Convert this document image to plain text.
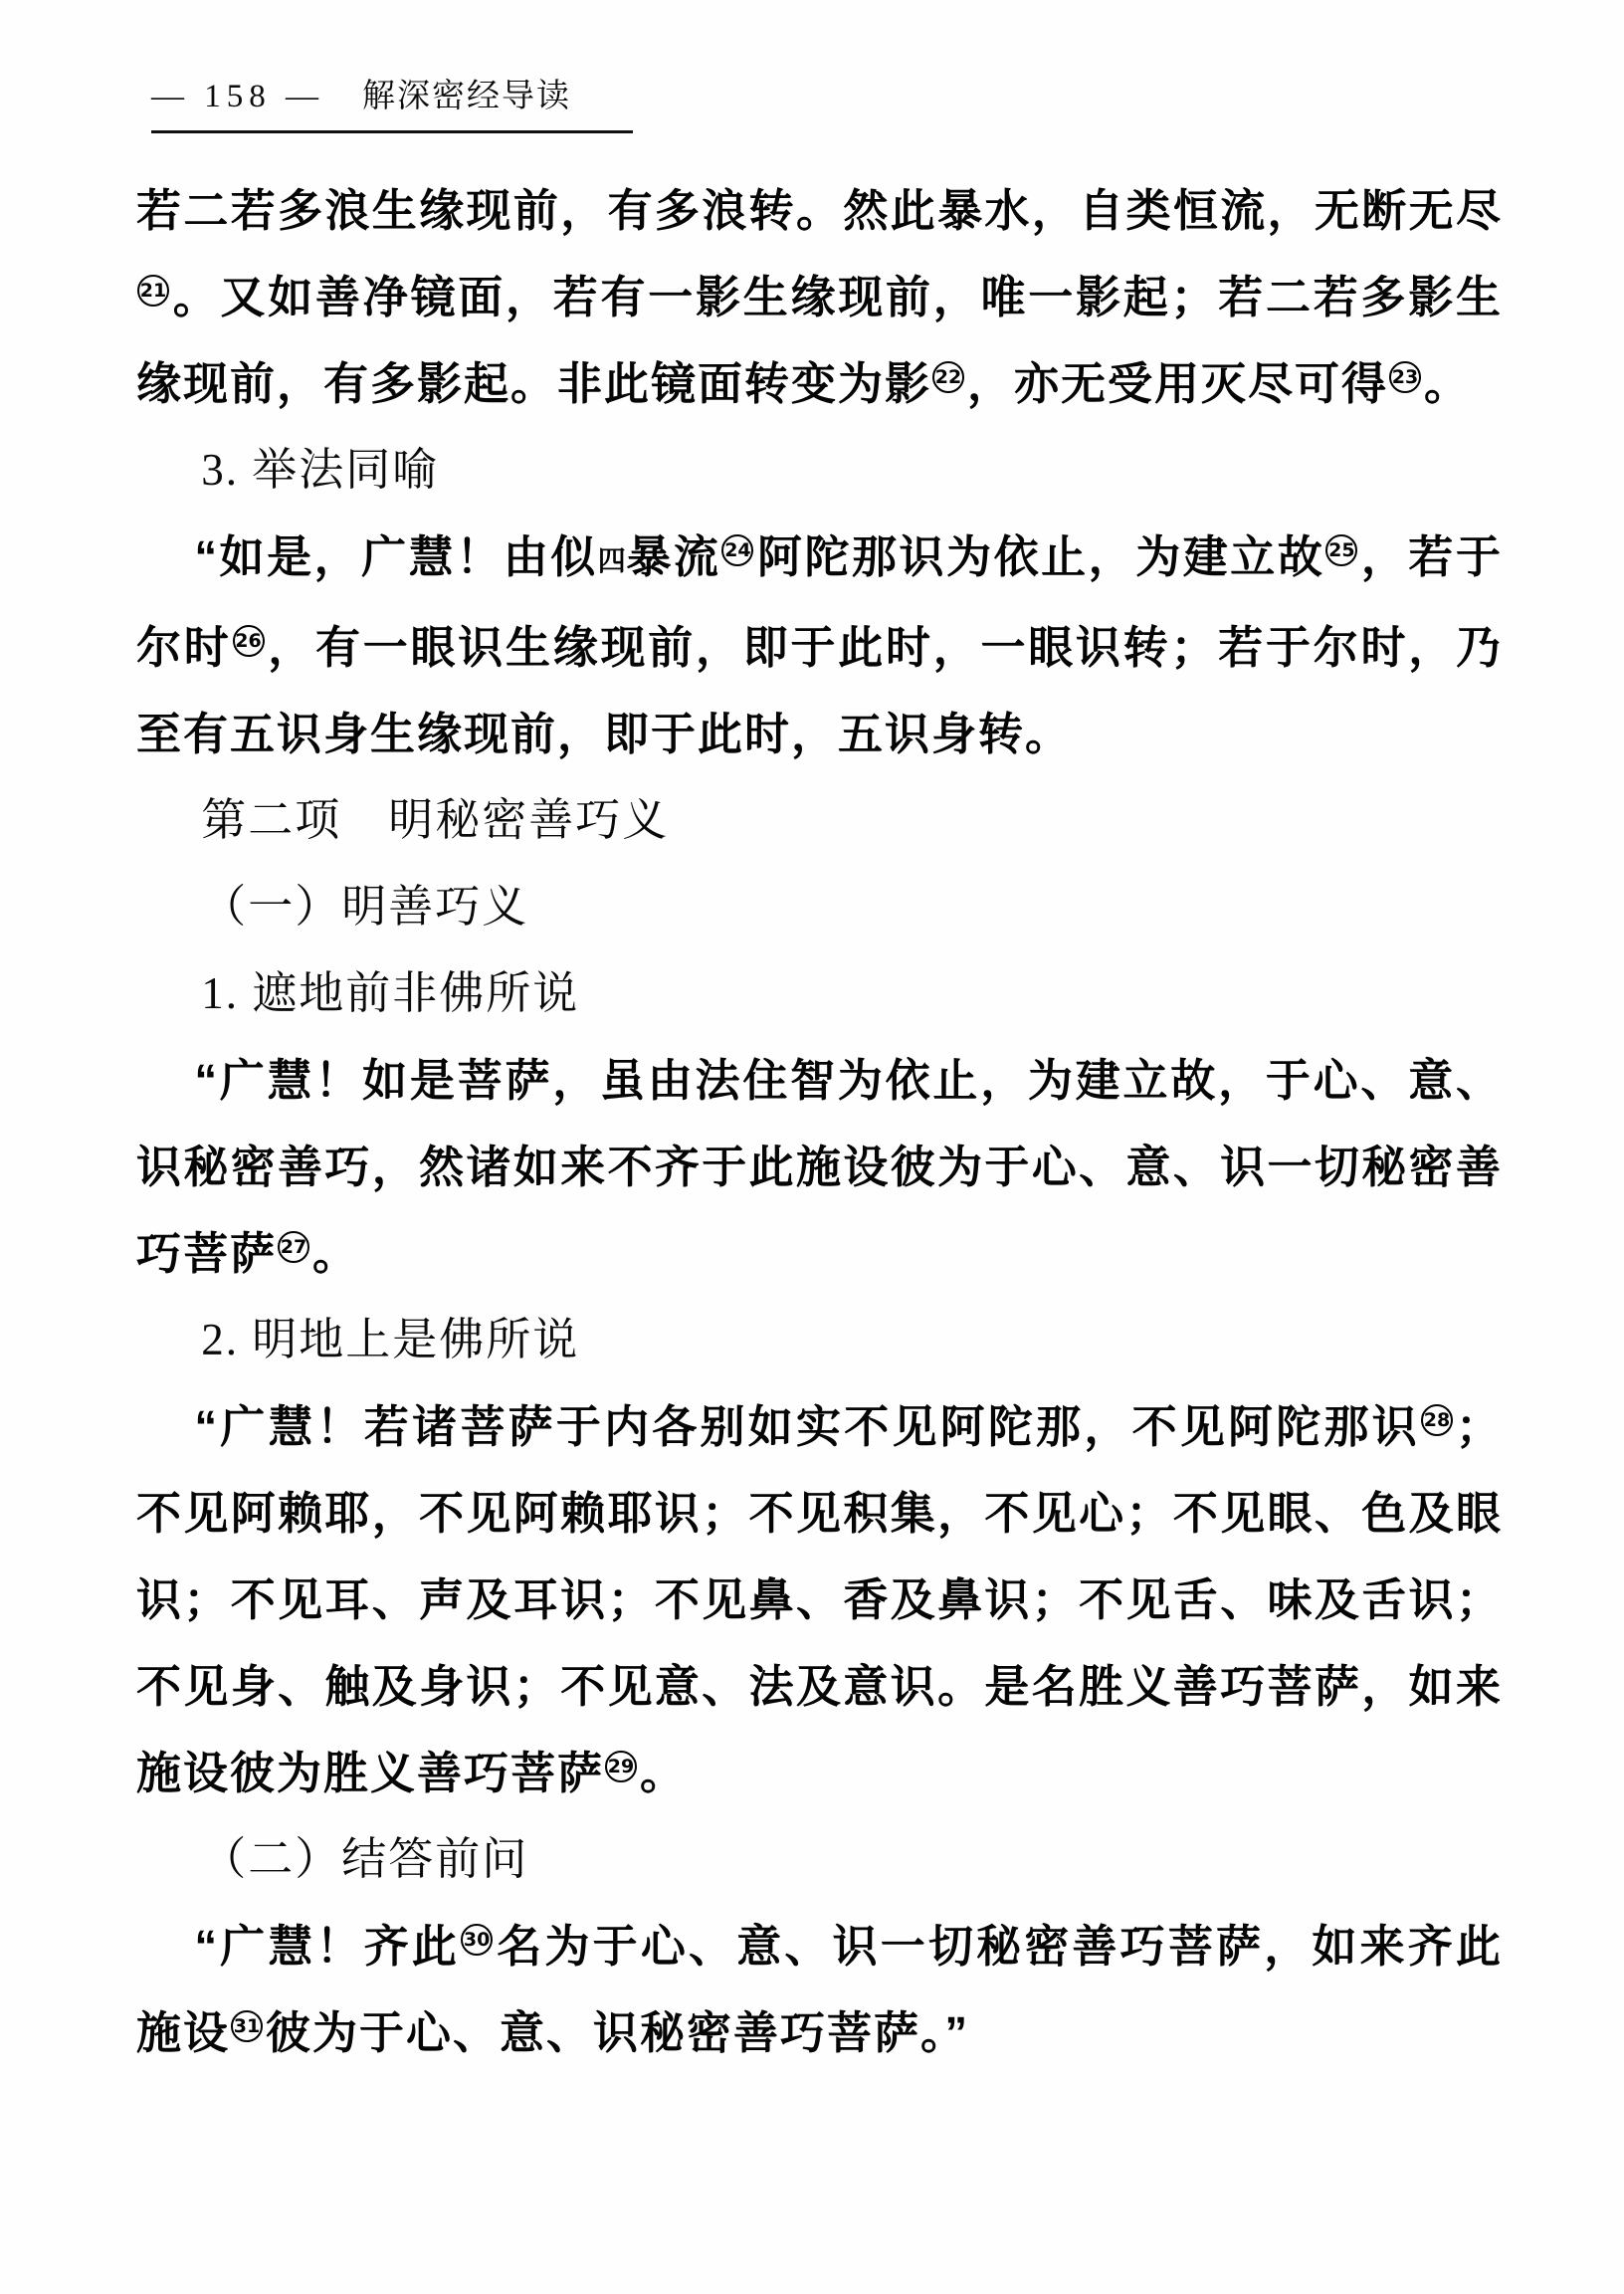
— 158 — 解深密经导读

若二若多浪生缘现前，有多浪转。然此暴水，自类恒流，无断无尽21 。又如善净镜面，若有一影生缘现前，唯一影起；若二若多影生缘现前，有多影起。非此镜面转变为影 22 ，亦无受用灭尽可得 23 。

3. 举法同喻

“如是，广慧！由似四暴流 24 阿陀那识为依止，为建立故 25 ，若于尔时 26 ，有一眼识生缘现前，即于此时，一眼识转；若于尔时，乃至有五识身生缘现前，即于此时，五识身转。

第二项　明秘密善巧义

（一）明善巧义

1. 遮地前非佛所说

“广慧！如是菩萨，虽由法住智为依止，为建立故，于心、意、识秘密善巧，然诸如来不齐于此施设彼为于心、意、识一切秘密善巧菩萨 27 。

2. 明地上是佛所说

“广慧！若诸菩萨于内各别如实不见阿陀那，不见阿陀那识 28 ；不见阿赖耶，不见阿赖耶识；不见积集，不见心；不见眼、色及眼识；不见耳、声及耳识；不见鼻、香及鼻识；不见舌、味及舌识；不见身、触及身识；不见意、法及意识。是名胜义善巧菩萨，如来施设彼为胜义善巧菩萨 29 。

（二）结答前问

“广慧！齐此 30 名为于心、意、识一切秘密善巧菩萨，如来齐此施设 31 彼为于心、意、识秘密善巧菩萨。”
